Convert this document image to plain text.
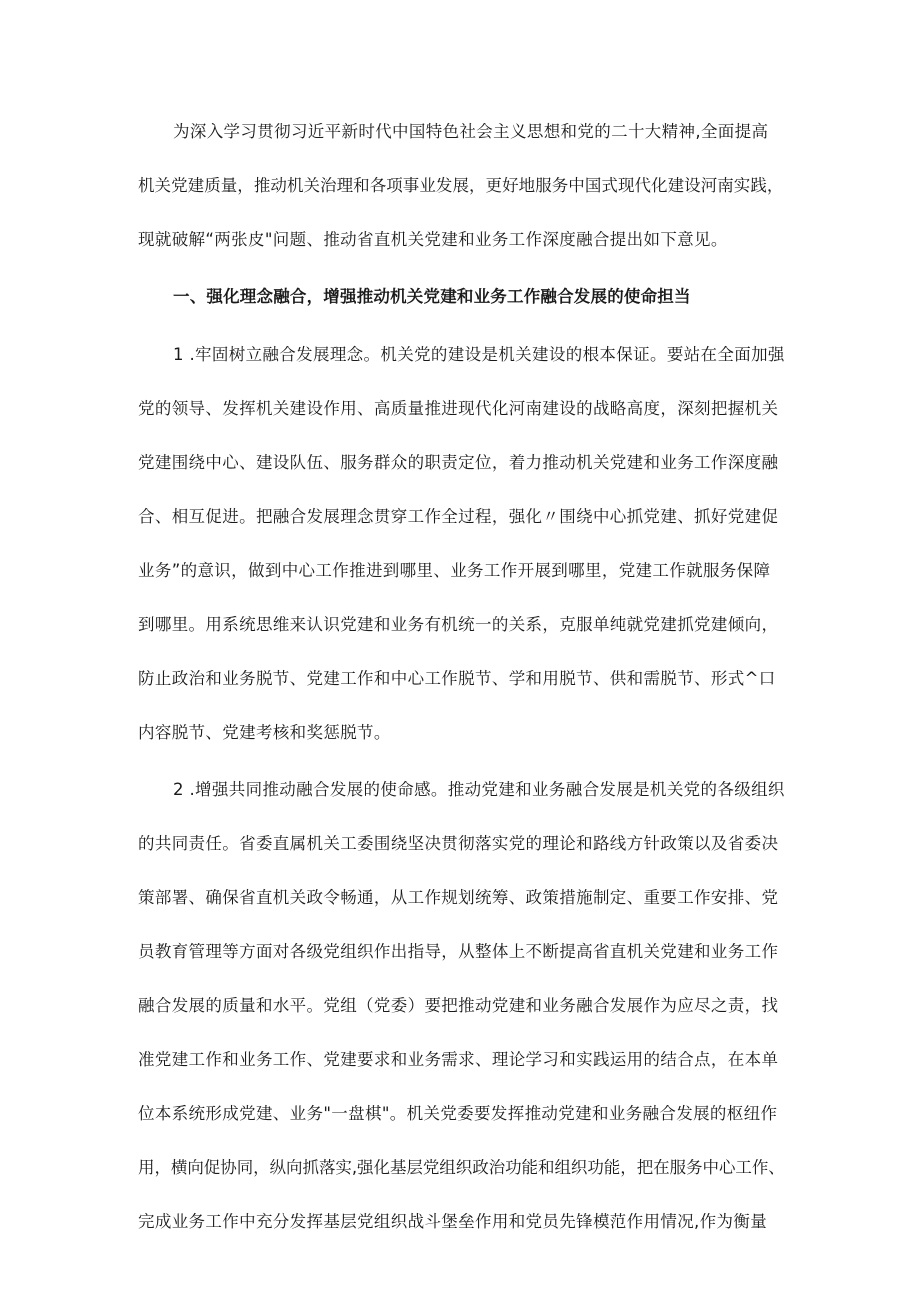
为深入学习贯彻习近平新时代中国特色社会主义思想和党的二十大精神,全面提高
机关党建质量，推动机关治理和各项事业发展，更好地服务中国式现代化建设河南实践，
现就破解“两张皮"问题、推动省直机关党建和业务工作深度融合提出如下意见。
一、强化理念融合，增强推动机关党建和业务工作融合发展的使命担当
1 .牢固树立融合发展理念。机关党的建设是机关建设的根本保证。要站在全面加强
党的领导、发挥机关建设作用、高质量推进现代化河南建设的战略高度，深刻把握机关
党建围绕中心、建设队伍、服务群众的职责定位，着力推动机关党建和业务工作深度融
合、相互促进。把融合发展理念贯穿工作全过程，强化〃围绕中心抓党建、抓好党建促
业务”的意识，做到中心工作推进到哪里、业务工作开展到哪里，党建工作就服务保障
到哪里。用系统思维来认识党建和业务有机统一的关系，克服单纯就党建抓党建倾向，
防止政治和业务脱节、党建工作和中心工作脱节、学和用脱节、供和需脱节、形式^口
内容脱节、党建考核和奖惩脱节。
2 .增强共同推动融合发展的使命感。推动党建和业务融合发展是机关党的各级组织
的共同责任。省委直属机关工委围绕坚决贯彻落实党的理论和路线方针政策以及省委决
策部署、确保省直机关政令畅通，从工作规划统筹、政策措施制定、重要工作安排、党
员教育管理等方面对各级党组织作出指导，从整体上不断提高省直机关党建和业务工作
融合发展的质量和水平。党组（党委）要把推动党建和业务融合发展作为应尽之责，找
准党建工作和业务工作、党建要求和业务需求、理论学习和实践运用的结合点，在本单
位本系统形成党建、业务"一盘棋"。机关党委要发挥推动党建和业务融合发展的枢纽作
用，横向促协同，纵向抓落实,强化基层党组织政治功能和组织功能，把在服务中心工作、
完成业务工作中充分发挥基层党组织战斗堡垒作用和党员先锋模范作用情况,作为衡量
